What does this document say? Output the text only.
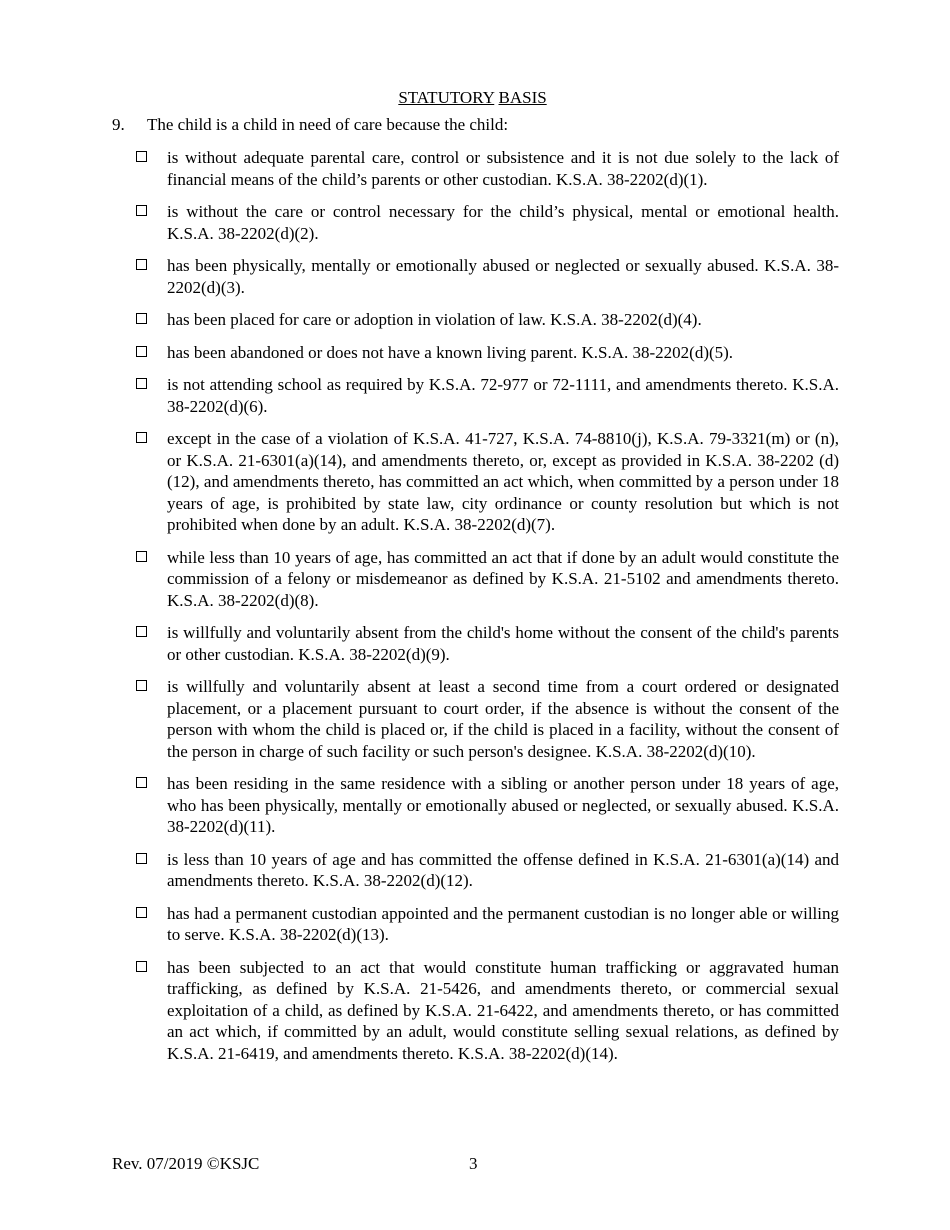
STATUTORY BASIS
9. The child is a child in need of care because the child:
is without adequate parental care, control or subsistence and it is not due solely to the lack of financial means of the child’s parents or other custodian. K.S.A. 38-2202(d)(1).
is without the care or control necessary for the child’s physical, mental or emotional health. K.S.A. 38-2202(d)(2).
has been physically, mentally or emotionally abused or neglected or sexually abused. K.S.A. 38-2202(d)(3).
has been placed for care or adoption in violation of law. K.S.A. 38-2202(d)(4).
has been abandoned or does not have a known living parent. K.S.A. 38-2202(d)(5).
is not attending school as required by K.S.A. 72-977 or 72-1111, and amendments thereto. K.S.A. 38-2202(d)(6).
except in the case of a violation of K.S.A. 41-727, K.S.A. 74-8810(j), K.S.A. 79-3321(m) or (n), or K.S.A. 21-6301(a)(14), and amendments thereto, or, except as provided in K.S.A. 38-2202 (d)(12), and amendments thereto, has committed an act which, when committed by a person under 18 years of age, is prohibited by state law, city ordinance or county resolution but which is not prohibited when done by an adult. K.S.A. 38-2202(d)(7).
while less than 10 years of age, has committed an act that if done by an adult would constitute the commission of a felony or misdemeanor as defined by K.S.A. 21-5102 and amendments thereto. K.S.A. 38-2202(d)(8).
is willfully and voluntarily absent from the child's home without the consent of the child's parents or other custodian. K.S.A. 38-2202(d)(9).
is willfully and voluntarily absent at least a second time from a court ordered or designated placement, or a placement pursuant to court order, if the absence is without the consent of the person with whom the child is placed or, if the child is placed in a facility, without the consent of the person in charge of such facility or such person's designee. K.S.A. 38-2202(d)(10).
has been residing in the same residence with a sibling or another person under 18 years of age, who has been physically, mentally or emotionally abused or neglected, or sexually abused. K.S.A. 38-2202(d)(11).
is less than 10 years of age and has committed the offense defined in K.S.A. 21-6301(a)(14) and amendments thereto. K.S.A. 38-2202(d)(12).
has had a permanent custodian appointed and the permanent custodian is no longer able or willing to serve. K.S.A. 38-2202(d)(13).
has been subjected to an act that would constitute human trafficking or aggravated human trafficking, as defined by K.S.A. 21-5426, and amendments thereto, or commercial sexual exploitation of a child, as defined by K.S.A. 21-6422, and amendments thereto, or has committed an act which, if committed by an adult, would constitute selling sexual relations, as defined by K.S.A. 21-6419, and amendments thereto. K.S.A. 38-2202(d)(14).
Rev. 07/2019 ©KSJC	3
